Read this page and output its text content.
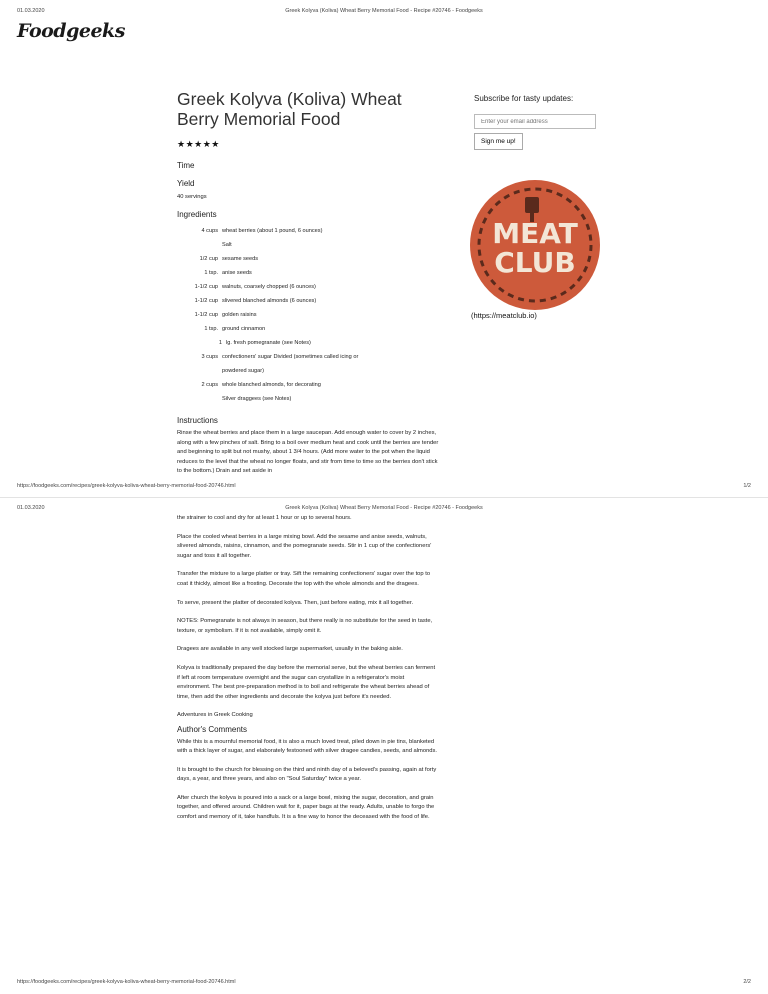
01.03.2020	Greek Kolyva (Koliva) Wheat Berry Memorial Food - Recipe #20746 - Foodgeeks
Foodgeeks
Greek Kolyva (Koliva) Wheat
Berry Memorial Food
★★★★★
Time
Yield
40 servings
Ingredients
4 cups wheat berries (about 1 pound, 6 ounces)
Salt
1/2 cup sesame seeds
1 tsp. anise seeds
1-1/2 cup walnuts, coarsely chopped (6 ounces)
1-1/2 cup slivered blanched almonds (6 ounces)
1-1/2 cup golden raisins
1 tsp. ground cinnamon
1 lg. fresh pomegranate (see Notes)
3 cups confectioners' sugar Divided (sometimes called icing or
powdered sugar)
2 cups whole blanched almonds, for decorating
Silver draggees (see Notes)
Instructions
Rinse the wheat berries and place them in a large saucepan. Add enough water to cover by 2 inches, along with a few pinches of salt. Bring to a boil over medium heat and cook until the berries are tender and beginning to split but not mushy, about 1 3/4 hours. (Add more water to the pot when the liquid reduces to the level that the wheat no longer floats, and stir from time to time so the berries don't stick to the bottom.) Drain and set aside in
Subscribe for tasty updates:
Enter your email address
Sign me up!
MEAT
CLUB
(https://meatclub.io)
https://foodgeeks.com/recipes/greek-kolyva-koliva-wheat-berry-memorial-food-20746.html	1/2
01.03.2020	Greek Kolyva (Koliva) Wheat Berry Memorial Food - Recipe #20746 - Foodgeeks

the strainer to cool and dry for at least 1 hour or up to several hours.

Place the cooled wheat berries in a large mixing bowl. Add the sesame and anise seeds, walnuts, slivered almonds, raisins, cinnamon, and the pomegranate seeds. Stir in 1 cup of the confectioners' sugar and toss it all together.

Transfer the mixture to a large platter or tray. Sift the remaining confectioners' sugar over the top to coat it thickly, almost like a frosting. Decorate the top with the whole almonds and the dragees.

To serve, present the platter of decorated kolyva. Then, just before eating, mix it all together.

NOTES: Pomegranate is not always in season, but there really is no substitute for the seed in taste, texture, or symbolism. If it is not available, simply omit it.

Dragees are available in any well stocked large supermarket, usually in the baking aisle.

Kolyva is traditionally prepared the day before the memorial serve, but the wheat berries can ferment if left at room temperature overnight and the sugar can crystallize in a refrigerator's moist environment. The best pre-preparation method is to boil and refrigerate the wheat berries ahead of time, then add the other ingredients and decorate the kolyva just before it's needed.

Adventures in Greek Cooking

Author's Comments

While this is a mournful memorial food, it is also a much loved treat, piled down in pie tins, blanketed with a thick layer of sugar, and elaborately festooned with silver dragee candies, seeds, and almonds.

It is brought to the church for blessing on the third and ninth day of a beloved's passing, again at forty days, a year, and three years, and also on "Soul Saturday" twice a year.

After church the kolyva is poured into a sack or a large bowl, mixing the sugar, decoration, and grain together, and offered around. Children wait for it, paper bags at the ready. Adults, unable to forgo the comfort and memory of it, take handfuls. It is a fine way to honor the deceased with the food of life.

https://foodgeeks.com/recipes/greek-kolyva-koliva-wheat-berry-memorial-food-20746.html	2/2
